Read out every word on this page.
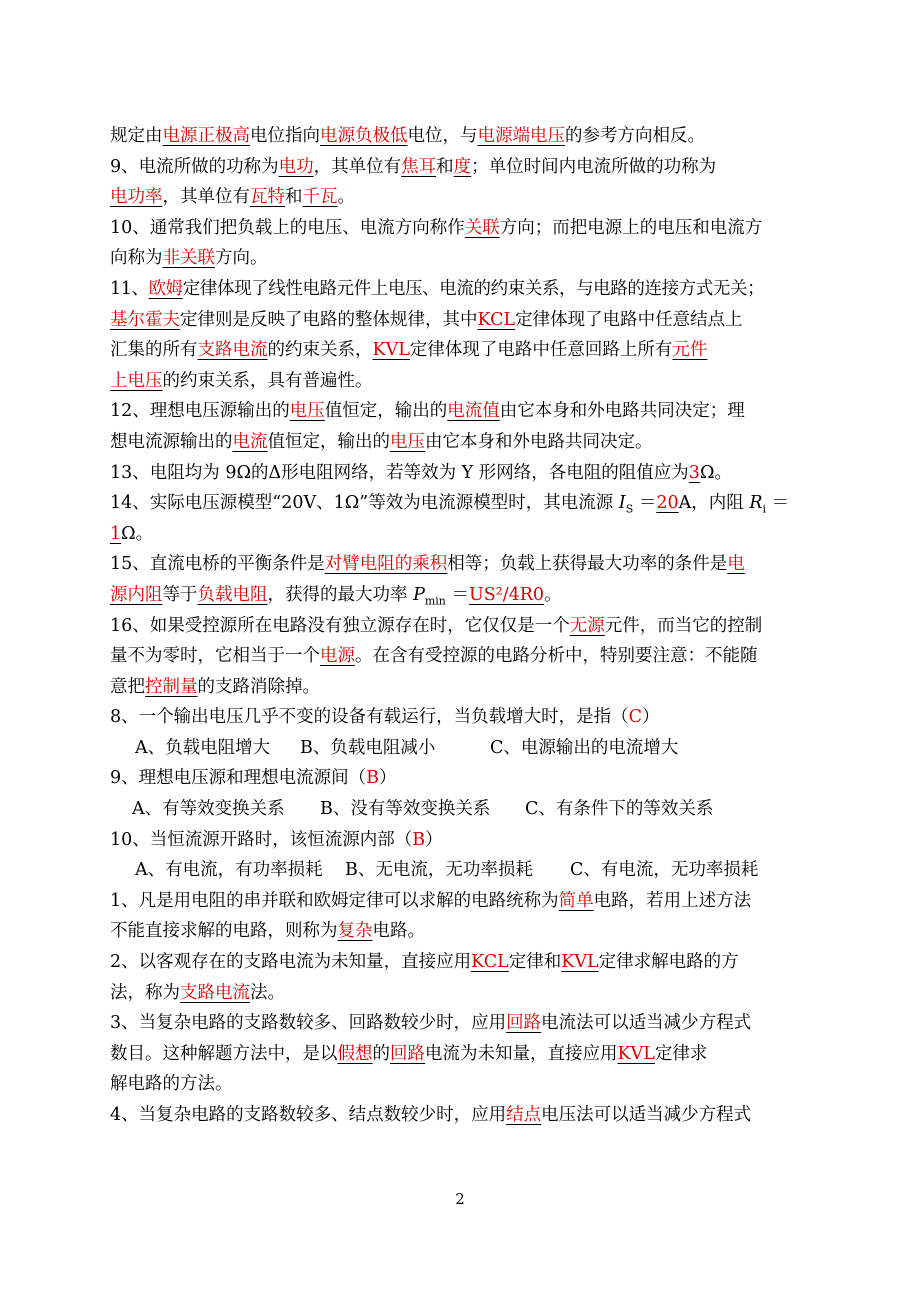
规定由电源正极高电位指向电源负极低电位，与电源端电压的参考方向相反。
9、电流所做的功称为电功，其单位有焦耳和度；单位时间内电流所做的功称为
电功率，其单位有瓦特和千瓦。
10、通常我们把负载上的电压、电流方向称作关联方向；而把电源上的电压和电流方
向称为非关联方向。
11、欧姆定律体现了线性电路元件上电压、电流的约束关系，与电路的连接方式无关；
基尔霍夫定律则是反映了电路的整体规律，其中KCL定律体现了电路中任意结点上
汇集的所有支路电流的约束关系，KVL定律体现了电路中任意回路上所有元件
上电压的约束关系，具有普遍性。
12、理想电压源输出的电压值恒定，输出的电流值由它本身和外电路共同决定；理
想电流源输出的电流值恒定，输出的电压由它本身和外电路共同决定。
13、电阻均为 9Ω的Δ形电阻网络，若等效为 Y 形网络，各电阻的阻值应为3Ω。
14、实际电压源模型“20V、1Ω”等效为电流源模型时，其电流源 $I_S =20A$，内阻 $R_i$ ＝
1Ω。
15、直流电桥的平衡条件是对臂电阻的乘积相等；负载上获得最大功率的条件是电
源内阻等于负载电阻，获得的最大功率 $P_{min} =US^2/4R0$。
16、如果受控源所在电路没有独立源存在时，它仅仅是一个无源元件，而当它的控制
量不为零时，它相当于一个电源。在含有受控源的电路分析中，特别要注意：不能随
意把控制量的支路消除掉。
8、一个输出电压几乎不变的设备有载运行，当负载增大时，是指（C）
A、负载电阻增大 B、负载电阻减小	C、电源输出的电流增大
9、理想电压源和理想电流源间（B）
A、有等效变换关系 B、没有等效变换关系 C、有条件下的等效关系
10、当恒流源开路时，该恒流源内部（B）
A、有电流，有功率损耗 B、无电流，无功率损耗 C、有电流，无功率损耗
1、凡是用电阻的串并联和欧姆定律可以求解的电路统称为简单电路，若用上述方法
不能直接求解的电路，则称为复杂电路。
2、以客观存在的支路电流为未知量，直接应用KCL定律和KVL定律求解电路的方
法，称为支路电流法。
3、当复杂电路的支路数较多、回路数较少时，应用回路电流法可以适当减少方程式
数目。这种解题方法中，是以假想的回路电流为未知量，直接应用KVL定律求
解电路的方法。
4、当复杂电路的支路数较多、结点数较少时，应用结点电压法可以适当减少方程式
2
